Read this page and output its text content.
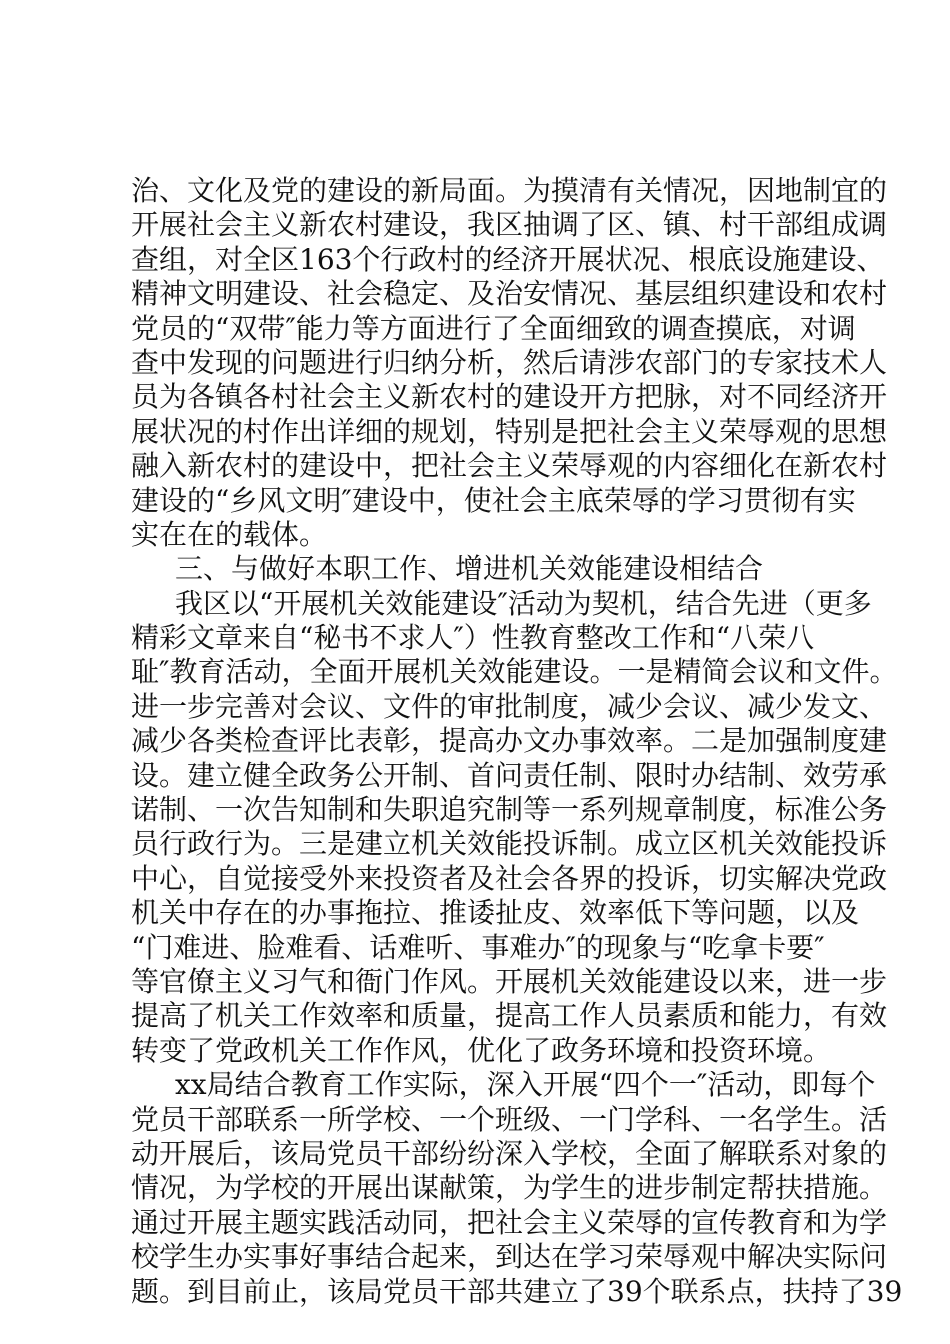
治、文化及党的建设的新局面。为摸清有关情况，因地制宜的
开展社会主义新农村建设，我区抽调了区、镇、村干部组成调
查组，对全区163个行政村的经济开展状况、根底设施建设、
精神文明建设、社会稳定、及治安情况、基层组织建设和农村
党员的“双带″能力等方面进行了全面细致的调查摸底，对调
查中发现的问题进行归纳分析，然后请涉农部门的专家技术人
员为各镇各村社会主义新农村的建设开方把脉，对不同经济开
展状况的村作出详细的规划，特别是把社会主义荣辱观的思想
融入新农村的建设中，把社会主义荣辱观的内容细化在新农村
建设的“乡风文明″建设中，使社会主底荣辱的学习贯彻有实
实在在的载体。
三、与做好本职工作、增进机关效能建设相结合
我区以“开展机关效能建设″活动为契机，结合先进（更多
精彩文章来自“秘书不求人″）性教育整改工作和“八荣八
耻″教育活动，全面开展机关效能建设。一是精简会议和文件。
进一步完善对会议、文件的审批制度，减少会议、减少发文、
减少各类检查评比表彰，提高办文办事效率。二是加强制度建
设。建立健全政务公开制、首问责任制、限时办结制、效劳承
诺制、一次告知制和失职追究制等一系列规章制度，标准公务
员行政行为。三是建立机关效能投诉制。成立区机关效能投诉
中心，自觉接受外来投资者及社会各界的投诉，切实解决党政
机关中存在的办事拖拉、推诿扯皮、效率低下等问题，以及
“门难进、脸难看、话难听、事难办″的现象与“吃拿卡要″
等官僚主义习气和衙门作风。开展机关效能建设以来，进一步
提高了机关工作效率和质量，提高工作人员素质和能力，有效
转变了党政机关工作作风，优化了政务环境和投资环境。
xx局结合教育工作实际，深入开展“四个一″活动，即每个
党员干部联系一所学校、一个班级、一门学科、一名学生。活
动开展后，该局党员干部纷纷深入学校，全面了解联系对象的
情况，为学校的开展出谋献策，为学生的进步制定帮扶措施。
通过开展主题实践活动同，把社会主义荣辱的宣传教育和为学
校学生办实事好事结合起来，到达在学习荣辱观中解决实际问
题。到目前止，该局党员干部共建立了39个联系点，扶持了39
